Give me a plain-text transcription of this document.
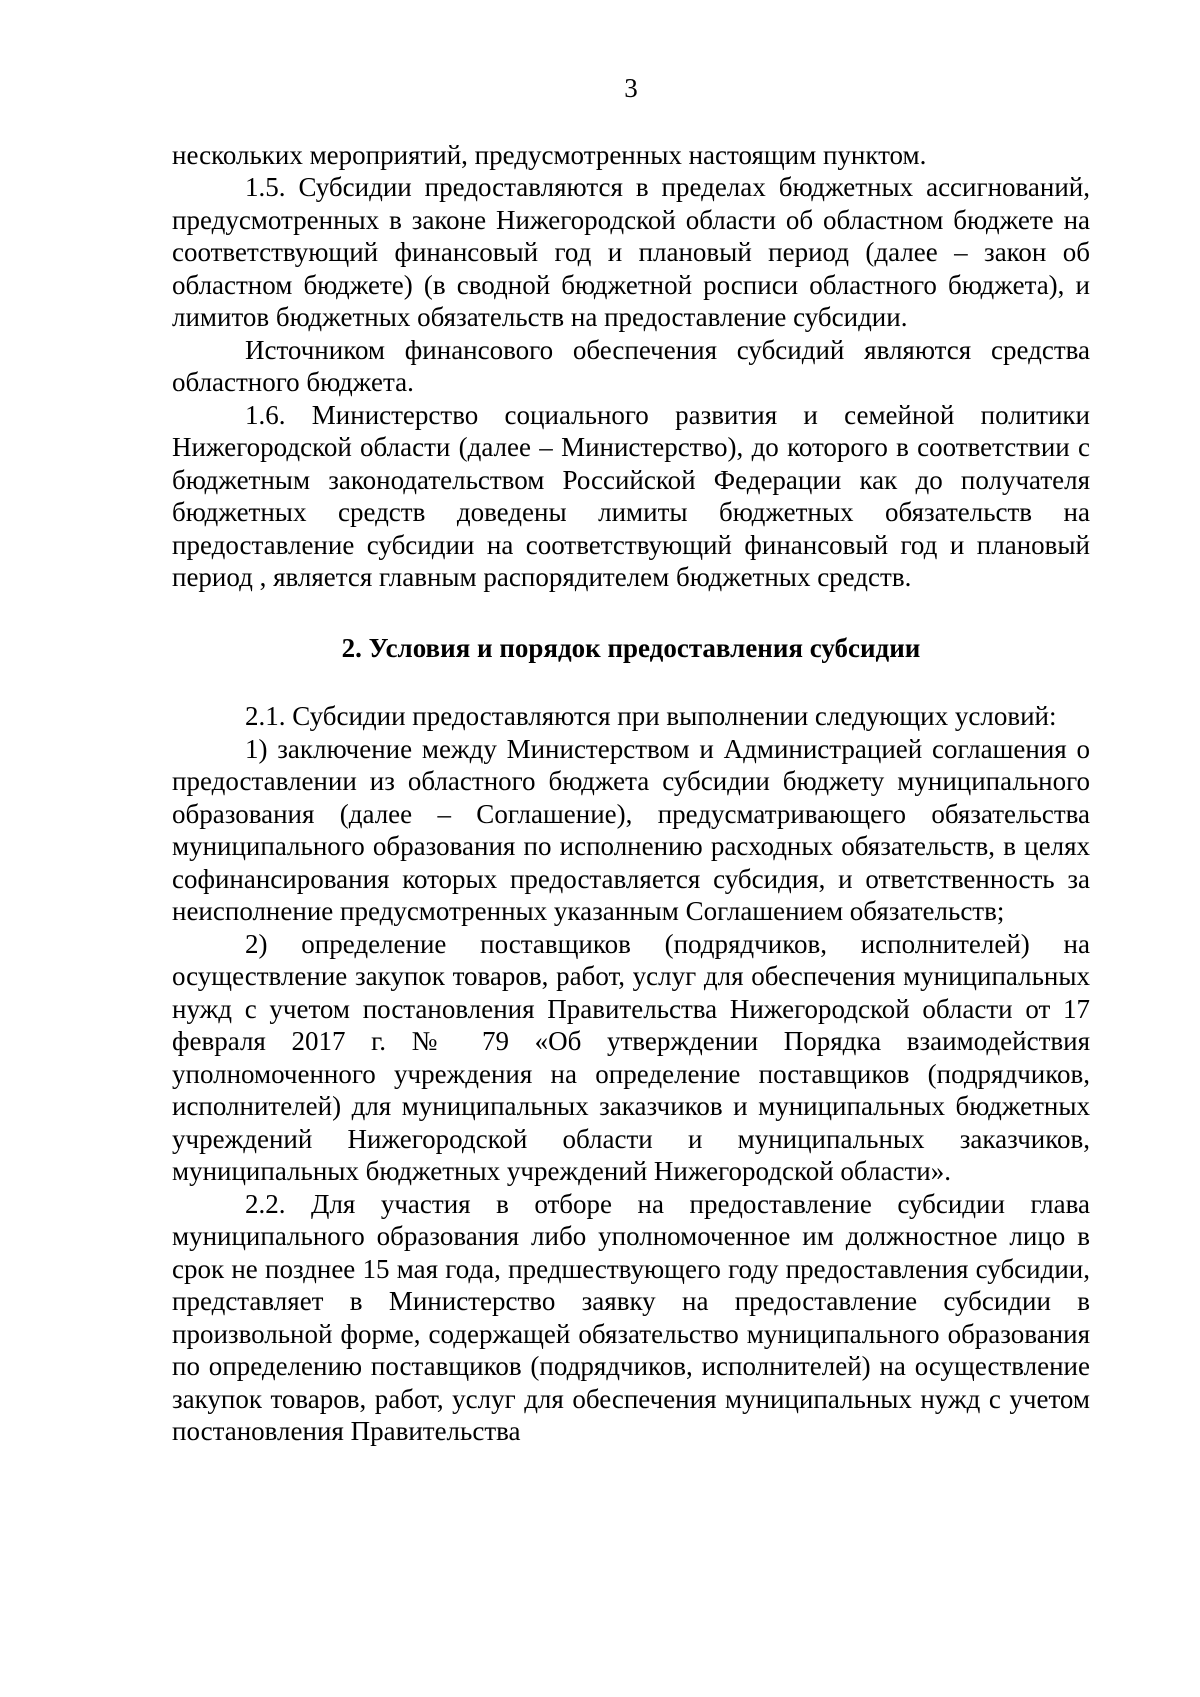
3

нескольких мероприятий, предусмотренных настоящим пунктом.

1.5. Субсидии предоставляются в пределах бюджетных ассигнований, предусмотренных в законе Нижегородской области об областном бюджете на соответствующий финансовый год и плановый период (далее – закон об областном бюджете) (в сводной бюджетной росписи областного бюджета), и лимитов бюджетных обязательств на предоставление субсидии.

Источником финансового обеспечения субсидий являются средства областного бюджета.

1.6. Министерство социального развития и семейной политики Нижегородской области (далее – Министерство), до которого в соответствии с бюджетным законодательством Российской Федерации как до получателя бюджетных средств доведены лимиты бюджетных обязательств на предоставление субсидии на соответствующий финансовый год и плановый период , является главным распорядителем бюджетных средств.

2. Условия и порядок предоставления субсидии

2.1. Субсидии предоставляются при выполнении следующих условий:

1) заключение между Министерством и Администрацией соглашения о предоставлении из областного бюджета субсидии бюджету муниципального образования (далее – Соглашение), предусматривающего обязательства муниципального образования по исполнению расходных обязательств, в целях софинансирования которых предоставляется субсидия, и ответственность за неисполнение предусмотренных указанным Соглашением обязательств;

2) определение поставщиков (подрядчиков, исполнителей) на осуществление закупок товаров, работ, услуг для обеспечения муниципальных нужд с учетом постановления Правительства Нижегородской области от 17 февраля 2017 г. № 79 «Об утверждении Порядка взаимодействия уполномоченного учреждения на определение поставщиков (подрядчиков, исполнителей) для муниципальных заказчиков и муниципальных бюджетных учреждений Нижегородской области и муниципальных заказчиков, муниципальных бюджетных учреждений Нижегородской области».

2.2. Для участия в отборе на предоставление субсидии глава муниципального образования либо уполномоченное им должностное лицо в срок не позднее 15 мая года, предшествующего году предоставления субсидии, представляет в Министерство заявку на предоставление субсидии в произвольной форме, содержащей обязательство муниципального образования по определению поставщиков (подрядчиков, исполнителей) на осуществление закупок товаров, работ, услуг для обеспечения муниципальных нужд с учетом постановления Правительства
